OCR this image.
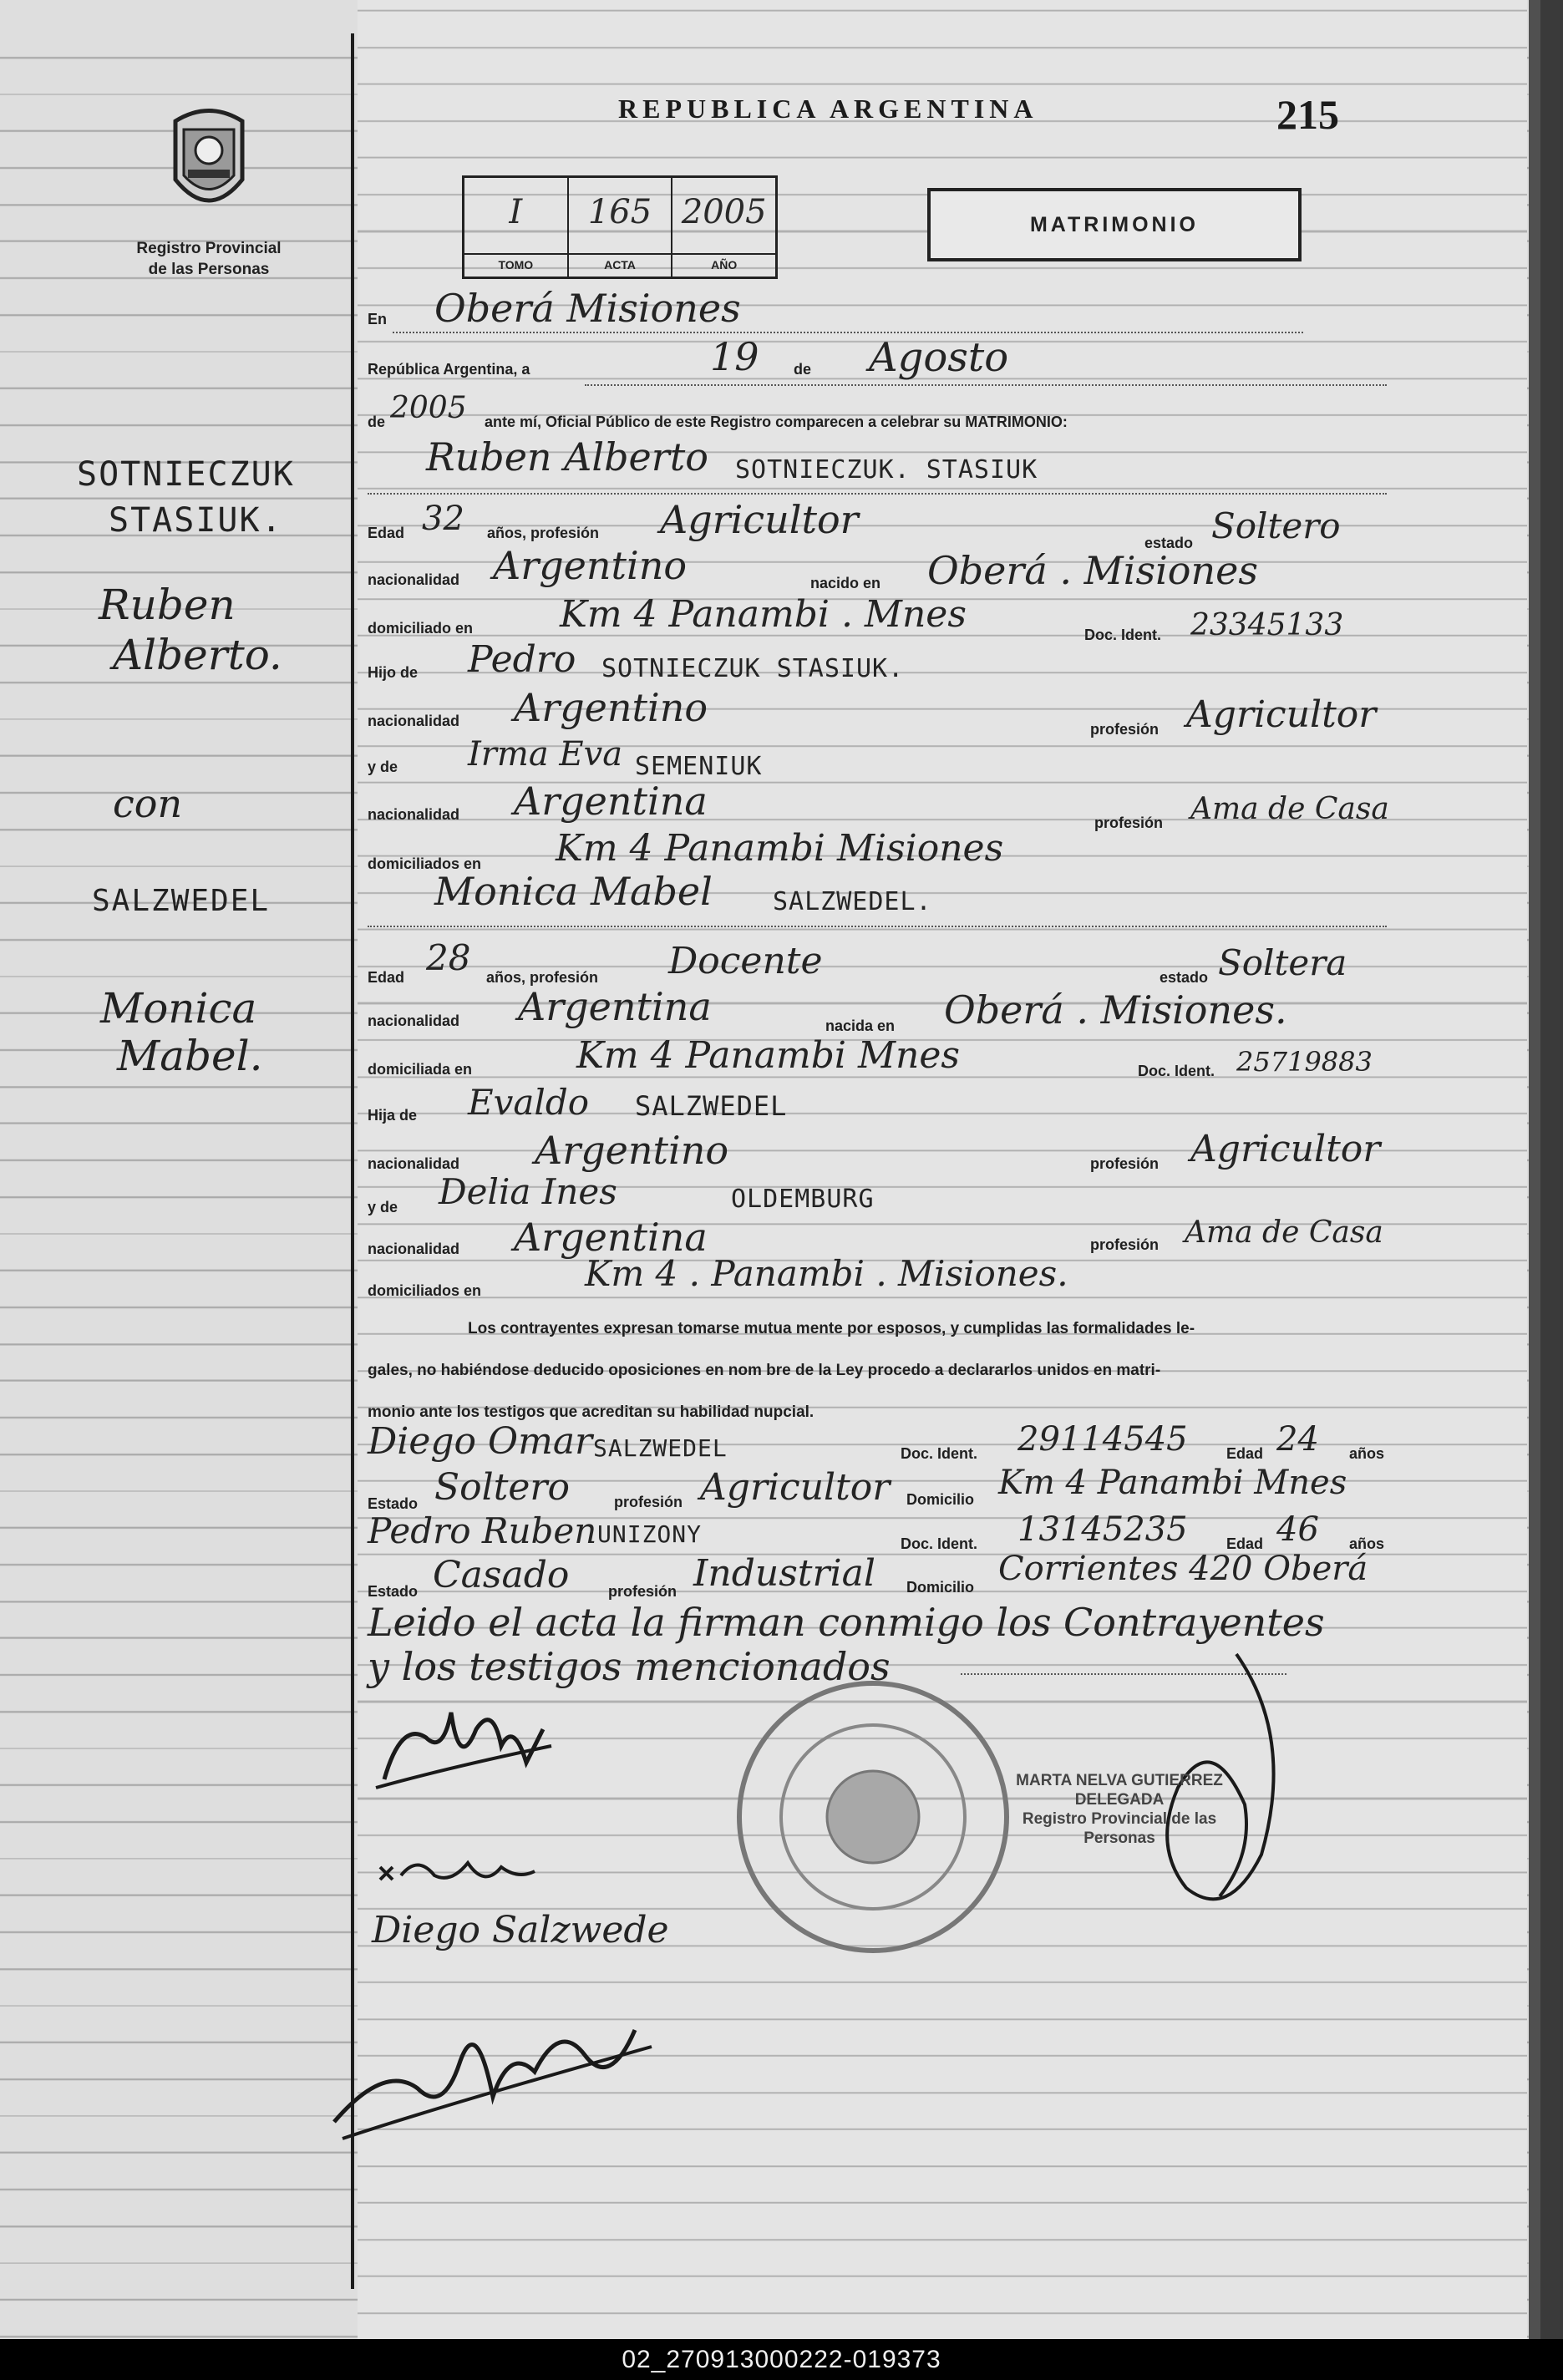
Registro Provincial
de las Personas
REPUBLICA ARGENTINA	215
I
TOMO
165
ACTA
2005
AÑO
MATRIMONIO
SOTNIECZUK
STASIUK.
Ruben
Alberto.
con
SALZWEDEL
Monica
Mabel.
En Oberá Misiones
República Argentina, a	19 de Agosto
de 2005 ante mí, Oficial Público de este Registro comparecen a celebrar su MATRIMONIO:
Ruben Alberto SOTNIECZUK. STASIUK
Edad 32 años, profesión Agricultor
estado Soltero
nacionalidad Argentino	nacido en Oberá . Misiones
domiciliado en Km 4 Panambi . Mnes	Doc. Ident. 23345133
Hijo de Pedro SOTNIECZUK STASIUK.
nacionalidad Argentino	profesión Agricultor
y de Irma Eva SEMENIUK
nacionalidad Argentina	profesión Ama de Casa
domiciliados en Km 4 Panambi Misiones
Monica Mabel SALZWEDEL.
Edad 28 años, profesión Docente	estado Soltera
nacionalidad Argentina	nacida en Oberá . Misiones.
domiciliada en	Km 4 Panambi Mnes	Doc. Ident. 25719883
Hija de Evaldo SALZWEDEL
nacionalidad Argentino	profesión Agricultor
y de Delia Ines	OLDEMBURG
nacionalidad Argentina	profesión Ama de Casa
domiciliados en	Km 4 . Panambi . Misiones.
Los contrayentes expresan tomarse mutua mente por esposos, y cumplidas las formalidades le-
gales, no habiéndose deducido oposiciones en nom bre de la Ley procedo a declararlos unidos en matri-
monio ante los testigos que acreditan su habilidad nupcial.
Diego Omar SALZWEDEL	Doc. Ident. 29114545	Edad 24 años
Estado Soltero	profesión Agricultor Domicilio Km 4 Panambi Mnes
Pedro Ruben UNIZONY	Doc. Ident. 13145235	Edad 46 años
Estado Casado	profesión Industrial Domicilio Corrientes 420 Oberá
Leido el acta la firman conmigo los Contrayentes
y los testigos mencionados
Diego Salzwede
MARTA NELVA GUTIERREZ
DELEGADA
Registro Provincial de las Personas
02_270913000222-019373
